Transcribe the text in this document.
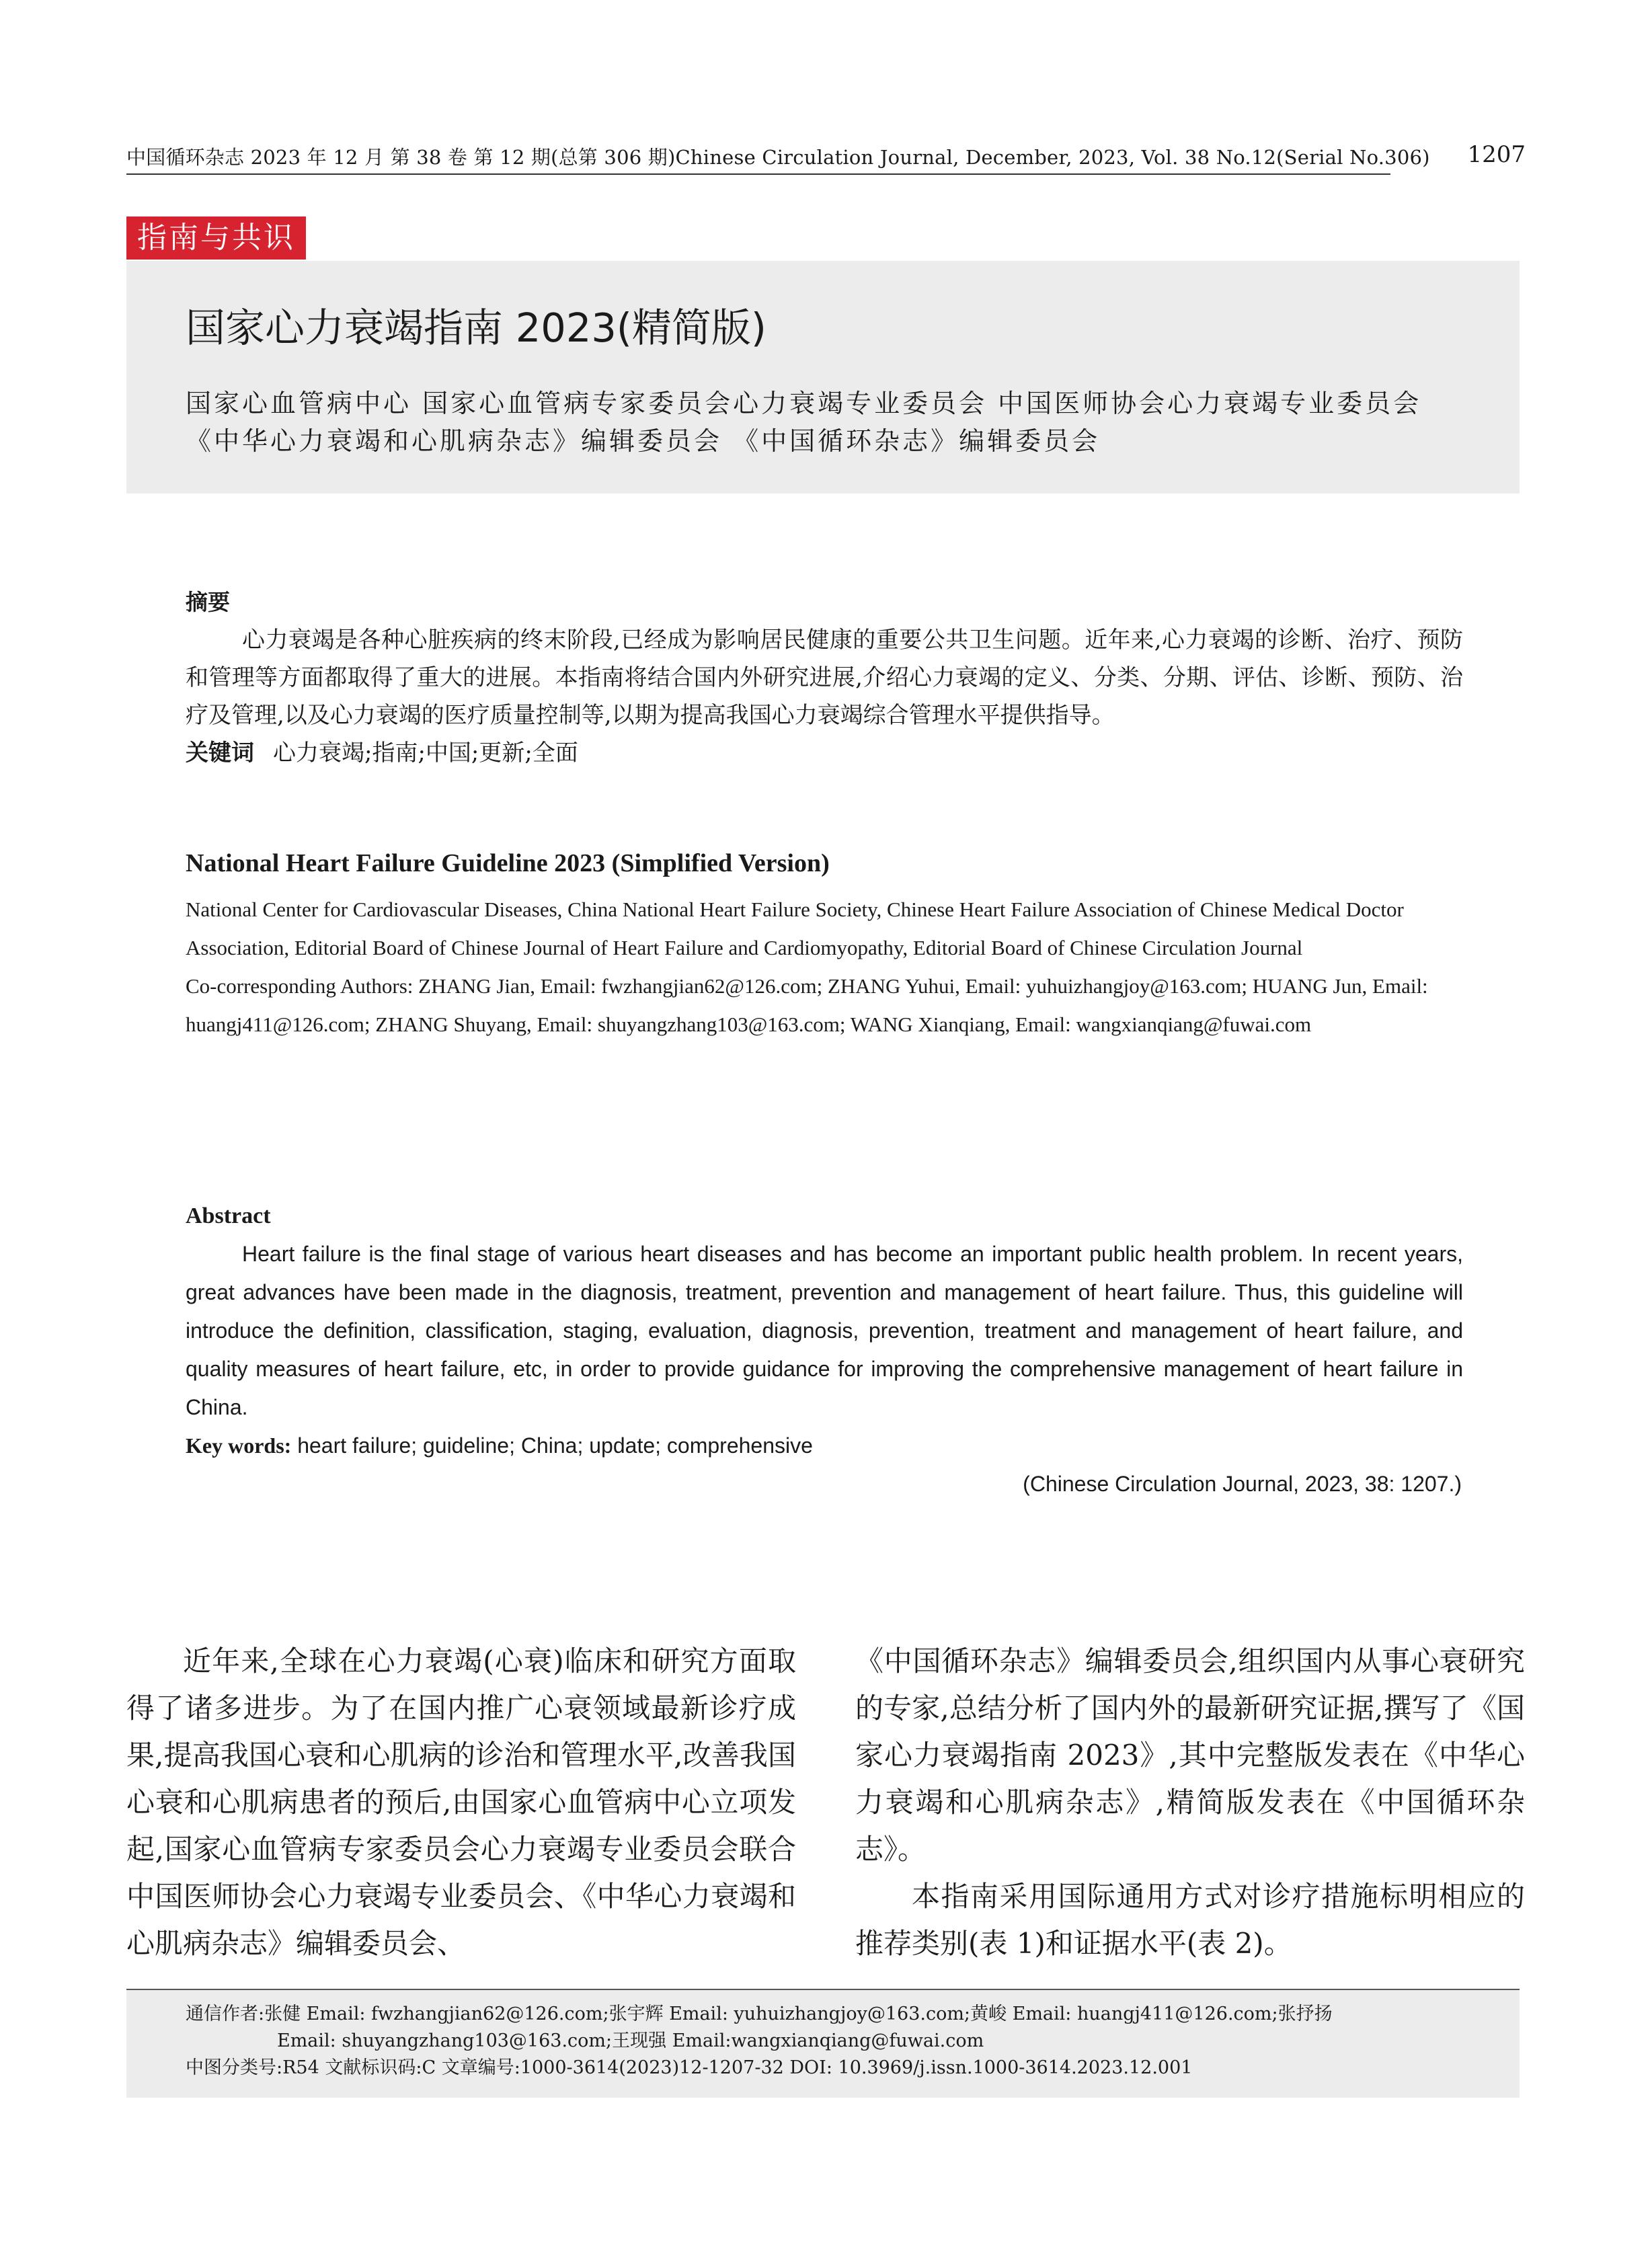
中国循环杂志 2023 年 12 月 第 38 卷 第 12 期(总第 306 期)Chinese Circulation Journal, December, 2023, Vol. 38 No.12(Serial No.306) 1207
指南与共识
国家心力衰竭指南 2023(精简版)
国家心血管病中心 国家心血管病专家委员会心力衰竭专业委员会 中国医师协会心力衰竭专业委员会
《中华心力衰竭和心肌病杂志》编辑委员会 《中国循环杂志》编辑委员会
摘要
心力衰竭是各种心脏疾病的终末阶段,已经成为影响居民健康的重要公共卫生问题。近年来,心力衰竭的诊断、治疗、预防和管理等方面都取得了重大的进展。本指南将结合国内外研究进展,介绍心力衰竭的定义、分类、分期、评估、诊断、预防、治疗及管理,以及心力衰竭的医疗质量控制等,以期为提高我国心力衰竭综合管理水平提供指导。
关键词 心力衰竭;指南;中国;更新;全面
National Heart Failure Guideline 2023 (Simplified Version)
National Center for Cardiovascular Diseases, China National Heart Failure Society, Chinese Heart Failure Association of Chinese Medical Doctor Association, Editorial Board of Chinese Journal of Heart Failure and Cardiomyopathy, Editorial Board of Chinese Circulation Journal
Co-corresponding Authors: ZHANG Jian, Email: fwzhangjian62@126.com; ZHANG Yuhui, Email: yuhuizhangjoy@163.com; HUANG Jun, Email: huangj411@126.com; ZHANG Shuyang, Email: shuyangzhang103@163.com; WANG Xianqiang, Email: wangxianqiang@fuwai.com
Abstract
Heart failure is the final stage of various heart diseases and has become an important public health problem. In recent years, great advances have been made in the diagnosis, treatment, prevention and management of heart failure. Thus, this guideline will introduce the definition, classification, staging, evaluation, diagnosis, prevention, treatment and management of heart failure, and quality measures of heart failure, etc, in order to provide guidance for improving the comprehensive management of heart failure in China.
Key words: heart failure; guideline; China; update; comprehensive
(Chinese Circulation Journal, 2023, 38: 1207.)

近年来,全球在心力衰竭(心衰)临床和研究方面取得了诸多进步。为了在国内推广心衰领域最新诊疗成果,提高我国心衰和心肌病的诊治和管理水平,改善我国心衰和心肌病患者的预后,由国家心血管病中心立项发起,国家心血管病专家委员会心力衰竭专业委员会联合中国医师协会心力衰竭专业委员会、《中华心力衰竭和心肌病杂志》编辑委员会、

《中国循环杂志》编辑委员会,组织国内从事心衰研究的专家,总结分析了国内外的最新研究证据,撰写了《国家心力衰竭指南 2023》,其中完整版发表在《中华心力衰竭和心肌病杂志》,精简版发表在《中国循环杂志》。

本指南采用国际通用方式对诊疗措施标明相应的推荐类别(表 1)和证据水平(表 2)。

通信作者:张健 Email: fwzhangjian62@126.com;张宇辉 Email: yuhuizhangjoy@163.com;黄峻 Email: huangj411@126.com;张抒扬
Email: shuyangzhang103@163.com;王现强 Email:wangxianqiang@fuwai.com
中图分类号:R54 文献标识码:C 文章编号:1000-3614(2023)12-1207-32 DOI: 10.3969/j.issn.1000-3614.2023.12.001
